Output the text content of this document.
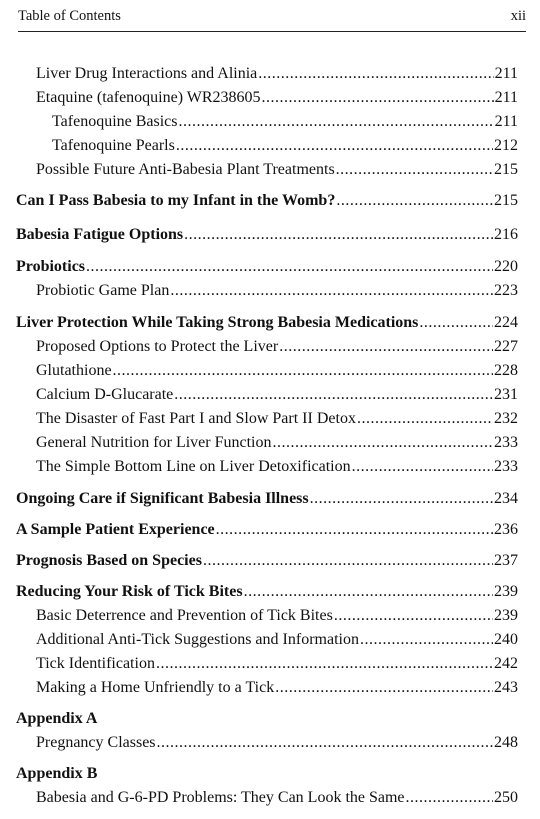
Table of Contents	xii
Liver Drug Interactions and Alinia .....	211
Etaquine (tafenoquine) WR238605 .....	211
Tafenoquine Basics .....	211
Tafenoquine Pearls .....	212
Possible Future Anti-Babesia Plant Treatments .....	215
Can I Pass Babesia to my Infant in the Womb? .....	215
Babesia Fatigue Options .....	216
Probiotics .....	220
Probiotic Game Plan .....	223
Liver Protection While Taking Strong Babesia Medications .....	224
Proposed Options to Protect the Liver .....	227
Glutathione .....	228
Calcium D-Glucarate .....	231
The Disaster of Fast Part I and Slow Part II Detox .....	232
General Nutrition for Liver Function .....	233
The Simple Bottom Line on Liver Detoxification .....	233
Ongoing Care if Significant Babesia Illness .....	234
A Sample Patient Experience .....	236
Prognosis Based on Species .....	237
Reducing Your Risk of Tick Bites .....	239
Basic Deterrence and Prevention of Tick Bites .....	239
Additional Anti-Tick Suggestions and Information .....	240
Tick Identification .....	242
Making a Home Unfriendly to a Tick .....	243
Appendix A
Pregnancy Classes .....	248
Appendix B
Babesia and G-6-PD Problems: They Can Look the Same .....	250
